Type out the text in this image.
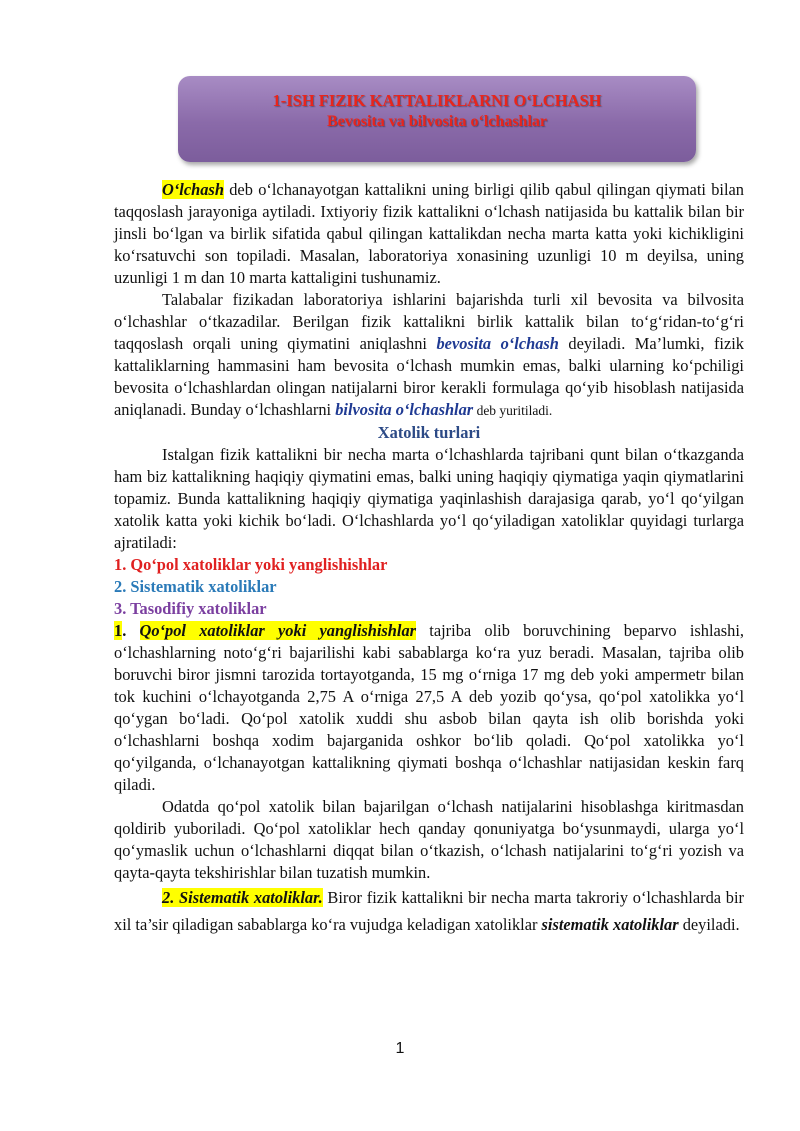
1-ISH FIZIK KATTALIKLARNI O‘LCHASH
Bevosita va bilvosita o‘lchashlar

O‘lchash deb o‘lchanayotgan kattalikni uning birligi qilib qabul qilingan qiymati bilan taqqoslash jarayoniga aytiladi. Ixtiyoriy fizik kattalikni o‘lchash natijasida bu kattalik bilan bir jinsli bo‘lgan va birlik sifatida qabul qilingan kattalikdan necha marta katta yoki kichikligini ko‘rsatuvchi son topiladi. Masalan, laboratoriya xonasining uzunligi 10 m deyilsa, uning uzunligi 1 m dan 10 marta kattaligini tushunamiz.

Talabalar fizikadan laboratoriya ishlarini bajarishda turli xil bevosita va bilvosita o‘lchashlar o‘tkazadilar. Berilgan fizik kattalikni birlik kattalik bilan to‘g‘ridan-to‘g‘ri taqqoslash orqali uning qiymatini aniqlashni bevosita o‘lchash deyiladi. Ma’lumki, fizik kattaliklarning hammasini ham bevosita o‘lchash mumkin emas, balki ularning ko‘pchiligi bevosita o‘lchashlardan olingan natijalarni biror kerakli formulaga qo‘yib hisoblash natijasida aniqlanadi. Bunday o‘lchashlarni bilvosita o‘lchashlar deb yuritiladi.

Xatolik turlari

Istalgan fizik kattalikni bir necha marta o‘lchashlarda tajribani qunt bilan o‘tkazganda ham biz kattalikning haqiqiy qiymatini emas, balki uning haqiqiy qiymatiga yaqin qiymatlarini topamiz. Bunda kattalikning haqiqiy qiymatiga yaqinlashish darajasiga qarab, yo‘l qo‘yilgan xatolik katta yoki kichik bo‘ladi. O‘lchashlarda yo‘l qo‘yiladigan xatoliklar quyidagi turlarga ajratiladi:

1. Qo‘pol xatoliklar yoki yanglishishlar
2. Sistematik xatoliklar
3. Tasodifiy xatoliklar

1. Qo‘pol xatoliklar yoki yanglishishlar tajriba olib boruvchining beparvo ishlashi, o‘lchashlarning noto‘g‘ri bajarilishi kabi sabablarga ko‘ra yuz beradi. Masalan, tajriba olib boruvchi biror jismni tarozida tortayotganda, 15 mg o‘rniga 17 mg deb yoki ampermetr bilan tok kuchini o‘lchayotganda 2,75 A o‘rniga 27,5 A deb yozib qo‘ysa, qo‘pol xatolikka yo‘l qo‘ygan bo‘ladi. Qo‘pol xatolik xuddi shu asbob bilan qayta ish olib borishda yoki o‘lchashlarni boshqa xodim bajarganida oshkor bo‘lib qoladi. Qo‘pol xatolikka yo‘l qo‘yilganda, o‘lchanayotgan kattalikning qiymati boshqa o‘lchashlar natijasidan keskin farq qiladi.

Odatda qo‘pol xatolik bilan bajarilgan o‘lchash natijalarini hisoblashga kiritmasdan qoldirib yuboriladi. Qo‘pol xatoliklar hech qanday qonuniyatga bo‘ysunmaydi, ularga yo‘l qo‘ymaslik uchun o‘lchashlarni diqqat bilan o‘tkazish, o‘lchash natijalarini to‘g‘ri yozish va qayta-qayta tekshirishlar bilan tuzatish mumkin.

2. Sistematik xatoliklar. Biror fizik kattalikni bir necha marta takroriy o‘lchashlarda bir xil ta’sir qiladigan sabablarga ko‘ra vujudga keladigan xatoliklar sistematik xatoliklar deyiladi.

1
